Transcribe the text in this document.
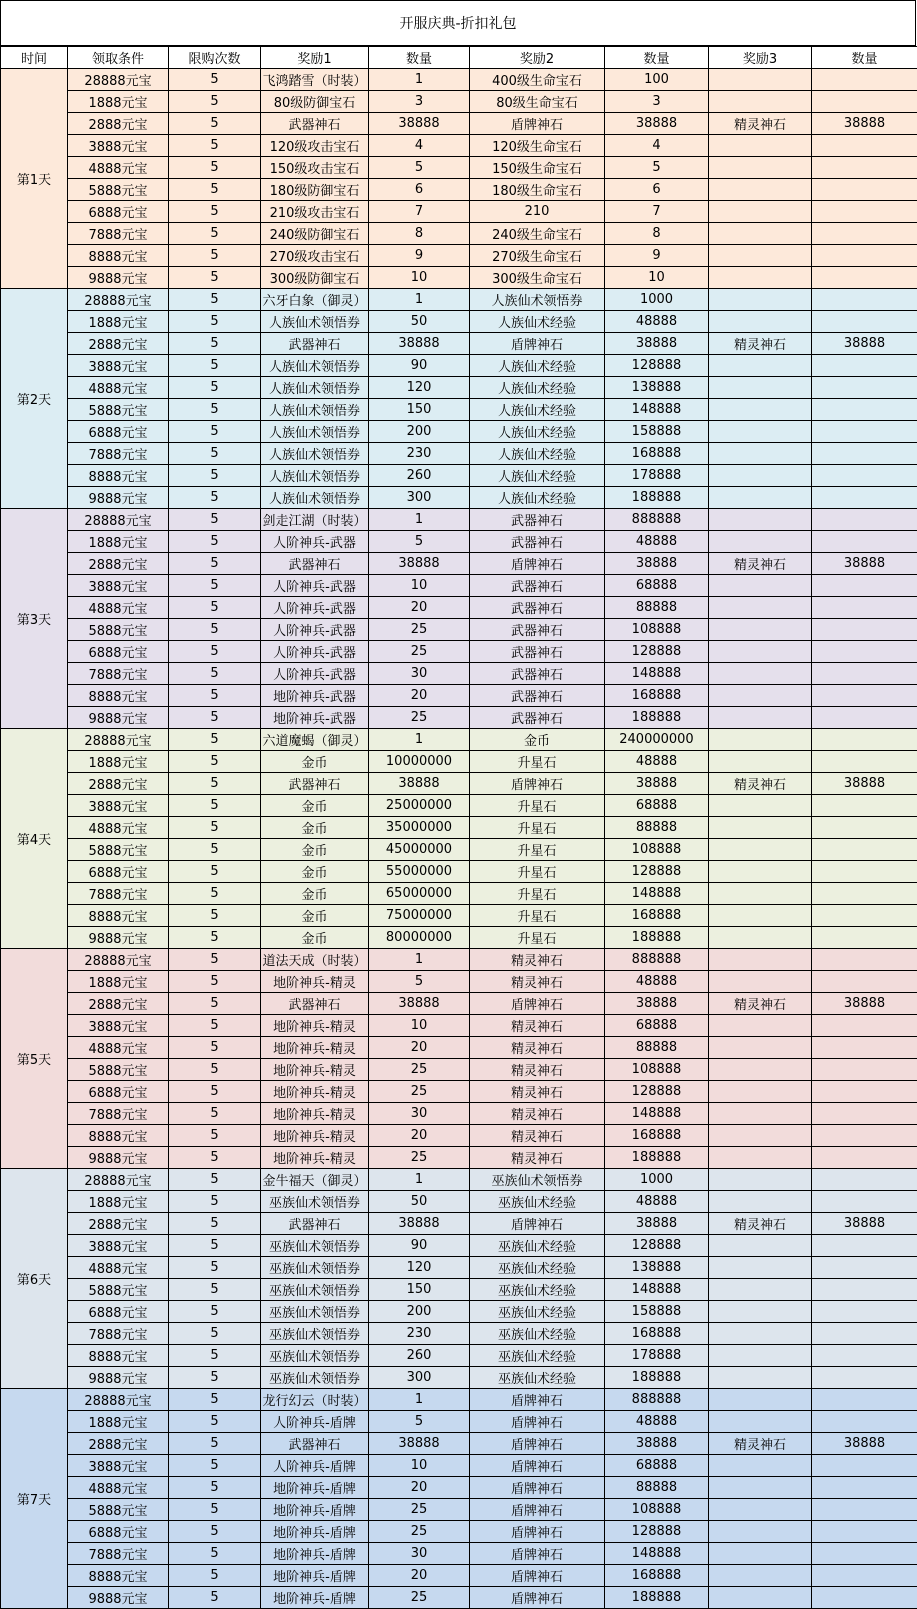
开服庆典-折扣礼包
时间	领取条件	限购次数	奖励1	数量	奖励2	数量	奖励3	数量
第1天	28888元宝	5	飞鸿踏雪（时装）	1	400级生命宝石	100		
	1888元宝	5	80级防御宝石	3	80级生命宝石	3		
	2888元宝	5	武器神石	38888	盾牌神石	38888	精灵神石	38888
	3888元宝	5	120级攻击宝石	4	120级生命宝石	4		
	4888元宝	5	150级攻击宝石	5	150级生命宝石	5		
	5888元宝	5	180级防御宝石	6	180级生命宝石	6		
	6888元宝	5	210级攻击宝石	7	210	7		
	7888元宝	5	240级防御宝石	8	240级生命宝石	8		
	8888元宝	5	270级攻击宝石	9	270级生命宝石	9		
	9888元宝	5	300级防御宝石	10	300级生命宝石	10		
第2天	28888元宝	5	六牙白象（御灵）	1	人族仙术领悟券	1000		
	1888元宝	5	人族仙术领悟券	50	人族仙术经验	48888		
	2888元宝	5	武器神石	38888	盾牌神石	38888	精灵神石	38888
	3888元宝	5	人族仙术领悟券	90	人族仙术经验	128888		
	4888元宝	5	人族仙术领悟券	120	人族仙术经验	138888		
	5888元宝	5	人族仙术领悟券	150	人族仙术经验	148888		
	6888元宝	5	人族仙术领悟券	200	人族仙术经验	158888		
	7888元宝	5	人族仙术领悟券	230	人族仙术经验	168888		
	8888元宝	5	人族仙术领悟券	260	人族仙术经验	178888		
	9888元宝	5	人族仙术领悟券	300	人族仙术经验	188888		
第3天	28888元宝	5	剑走江湖（时装）	1	武器神石	888888		
	1888元宝	5	人阶神兵-武器	5	武器神石	48888		
	2888元宝	5	武器神石	38888	盾牌神石	38888	精灵神石	38888
	3888元宝	5	人阶神兵-武器	10	武器神石	68888		
	4888元宝	5	人阶神兵-武器	20	武器神石	88888		
	5888元宝	5	人阶神兵-武器	25	武器神石	108888		
	6888元宝	5	人阶神兵-武器	25	武器神石	128888		
	7888元宝	5	人阶神兵-武器	30	武器神石	148888		
	8888元宝	5	地阶神兵-武器	20	武器神石	168888		
	9888元宝	5	地阶神兵-武器	25	武器神石	188888		
第4天	28888元宝	5	六道魔蝎（御灵）	1	金币	240000000		
	1888元宝	5	金币	10000000	升星石	48888		
	2888元宝	5	武器神石	38888	盾牌神石	38888	精灵神石	38888
	3888元宝	5	金币	25000000	升星石	68888		
	4888元宝	5	金币	35000000	升星石	88888		
	5888元宝	5	金币	45000000	升星石	108888		
	6888元宝	5	金币	55000000	升星石	128888		
	7888元宝	5	金币	65000000	升星石	148888		
	8888元宝	5	金币	75000000	升星石	168888		
	9888元宝	5	金币	80000000	升星石	188888		
第5天	28888元宝	5	道法天成（时装）	1	精灵神石	888888		
	1888元宝	5	地阶神兵-精灵	5	精灵神石	48888		
	2888元宝	5	武器神石	38888	盾牌神石	38888	精灵神石	38888
	3888元宝	5	地阶神兵-精灵	10	精灵神石	68888		
	4888元宝	5	地阶神兵-精灵	20	精灵神石	88888		
	5888元宝	5	地阶神兵-精灵	25	精灵神石	108888		
	6888元宝	5	地阶神兵-精灵	25	精灵神石	128888		
	7888元宝	5	地阶神兵-精灵	30	精灵神石	148888		
	8888元宝	5	地阶神兵-精灵	20	精灵神石	168888		
	9888元宝	5	地阶神兵-精灵	25	精灵神石	188888		
第6天	28888元宝	5	金牛福天（御灵）	1	巫族仙术领悟券	1000		
	1888元宝	5	巫族仙术领悟券	50	巫族仙术经验	48888		
	2888元宝	5	武器神石	38888	盾牌神石	38888	精灵神石	38888
	3888元宝	5	巫族仙术领悟券	90	巫族仙术经验	128888		
	4888元宝	5	巫族仙术领悟券	120	巫族仙术经验	138888		
	5888元宝	5	巫族仙术领悟券	150	巫族仙术经验	148888		
	6888元宝	5	巫族仙术领悟券	200	巫族仙术经验	158888		
	7888元宝	5	巫族仙术领悟券	230	巫族仙术经验	168888		
	8888元宝	5	巫族仙术领悟券	260	巫族仙术经验	178888		
	9888元宝	5	巫族仙术领悟券	300	巫族仙术经验	188888		
第7天	28888元宝	5	龙行幻云（时装）	1	盾牌神石	888888		
	1888元宝	5	人阶神兵-盾牌	5	盾牌神石	48888		
	2888元宝	5	武器神石	38888	盾牌神石	38888	精灵神石	38888
	3888元宝	5	人阶神兵-盾牌	10	盾牌神石	68888		
	4888元宝	5	地阶神兵-盾牌	20	盾牌神石	88888		
	5888元宝	5	地阶神兵-盾牌	25	盾牌神石	108888		
	6888元宝	5	地阶神兵-盾牌	25	盾牌神石	128888		
	7888元宝	5	地阶神兵-盾牌	30	盾牌神石	148888		
	8888元宝	5	地阶神兵-盾牌	20	盾牌神石	168888		
	9888元宝	5	地阶神兵-盾牌	25	盾牌神石	188888		
